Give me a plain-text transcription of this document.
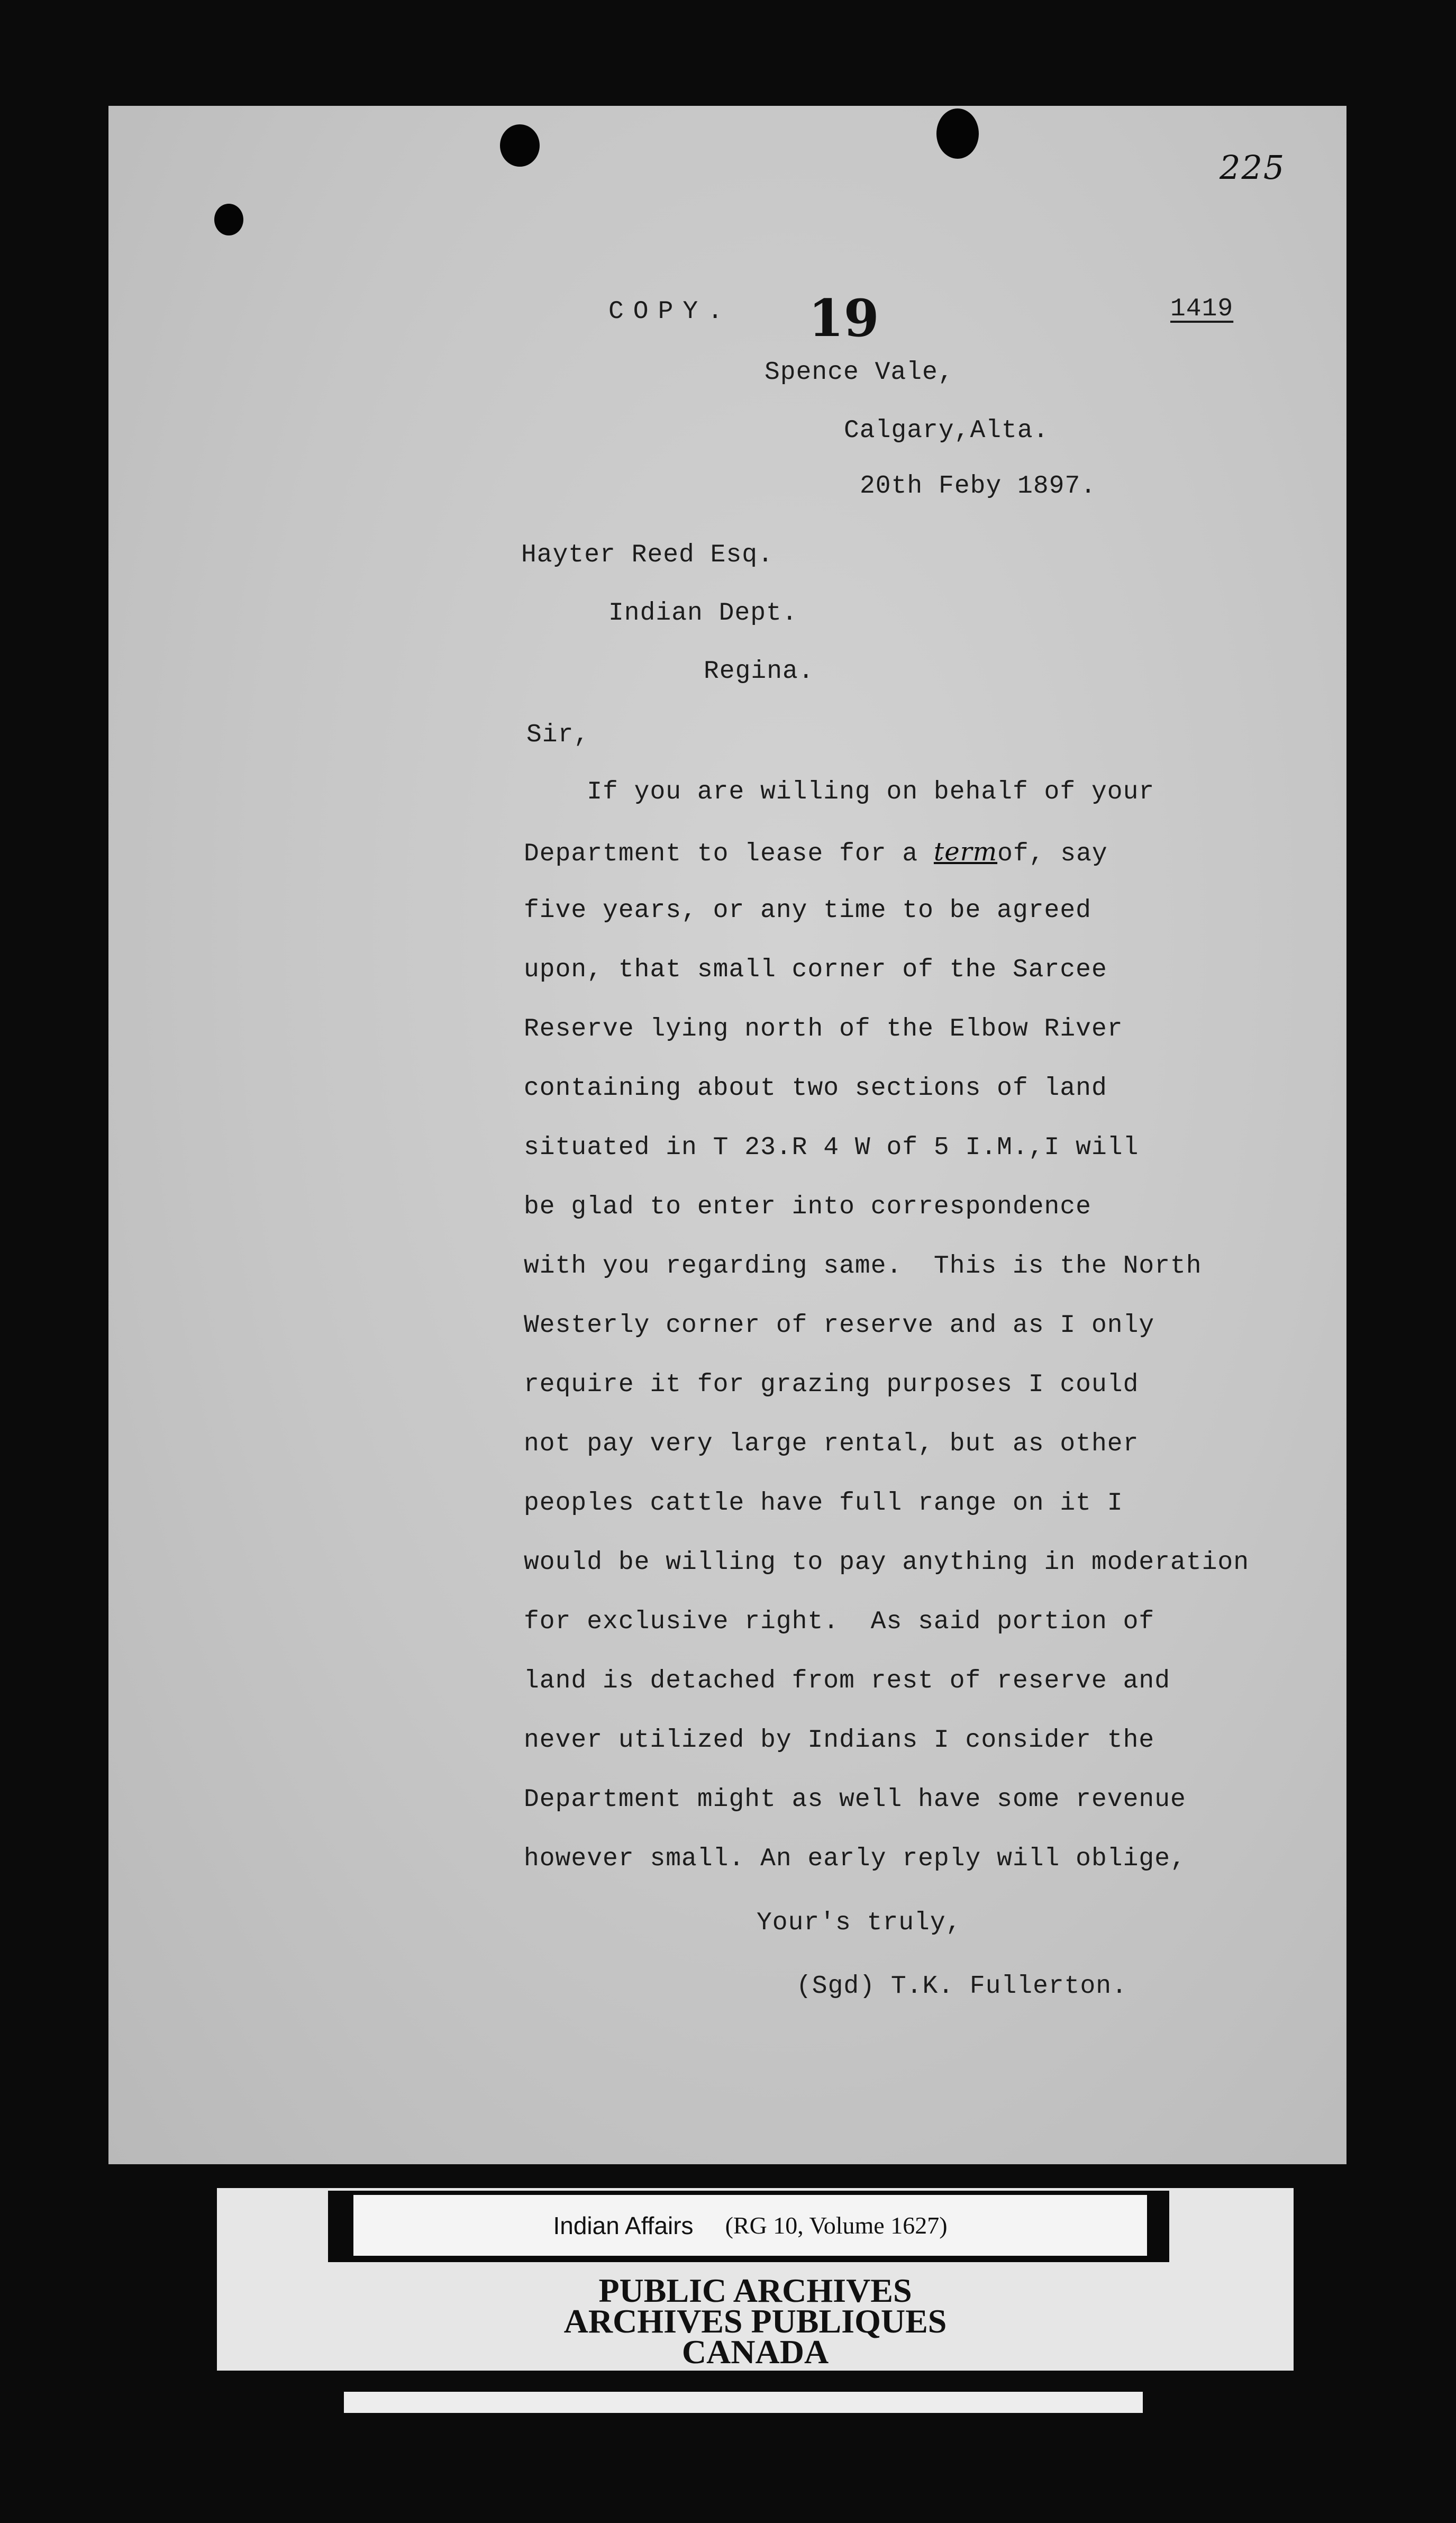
225
COPY. 19	1419
Spence Vale,
Calgary,Alta.
20th Feby 1897.
Hayter Reed Esq.
Indian Dept.
Regina.
Sir,
If you are willing on behalf of your
Department to lease for a termof, say
five years, or any time to be agreed
upon, that small corner of the Sarcee
Reserve lying north of the Elbow River
containing about two sections of land
situated in T 23.R 4 W of 5 I.M.,I will
be glad to enter into correspondence
with you regarding same.  This is the North
Westerly corner of reserve and as I only
require it for grazing purposes I could
not pay very large rental, but as other
peoples cattle have full range on it I
would be willing to pay anything in moderation
for exclusive right.  As said portion of
land is detached from rest of reserve and
never utilized by Indians I consider the
Department might as well have some revenue
however small. An early reply will oblige,
Your's truly,
(Sgd) T.K. Fullerton.
Indian Affairs (RG 10, Volume 1627)
PUBLIC ARCHIVES
ARCHIVES PUBLIQUES
CANADA
